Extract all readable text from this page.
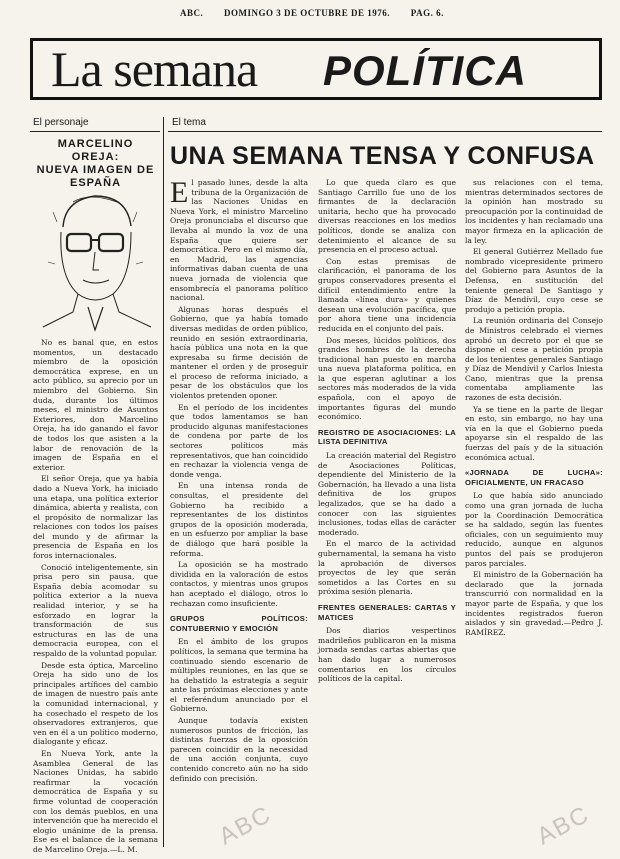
ABC. DOMINGO 3 DE OCTUBRE DE 1976. PAG. 6.
La semana POLÍTICA
El personaje	El tema
MARCELINO OREJA:
NUEVA IMAGEN DE
ESPAÑA

No es banal que, en estos momentos, un destacado miembro de la oposición democrática exprese, en un acto público, su aprecio por un miembro del Gobierno. Sin duda, durante los últimos meses, el ministro de Asuntos Exteriores, don Marcelino Oreja, ha ido ganando el favor de todos los que asisten a la labor de renovación de la imagen de España en el exterior.

El señor Oreja, que ya había dado a Nueva York, ha iniciado una etapa, una política exterior dinámica, abierta y realista, con el propósito de normalizar las relaciones con todos los países del mundo y de afirmar la presencia de España en los foros internacionales.

Conoció inteligentemente, sin prisa pero sin pausa, que España debía acomodar su política exterior a la nueva realidad interior, y se ha esforzado en lograr la transformación de sus estructuras en las de una democracia europea, con el respaldo de la voluntad popular.

Desde esta óptica, Marcelino Oreja ha sido uno de los principales artífices del cambio de imagen de nuestro país ante la comunidad internacional, y ha cosechado el respeto de los observadores extranjeros, que ven en él a un político moderno, dialogante y eficaz.

En Nueva York, ante la Asamblea General de las Naciones Unidas, ha sabido reafirmar la vocación democrática de España y su firme voluntad de cooperación con los demás pueblos, en una intervención que ha merecido el elogio unánime de la prensa. Ese es el balance de la semana de Marcelino Oreja.—L. M.

UNA SEMANA TENSA Y CONFUSA
E l pasado lunes, desde la alta tribuna de la Organización de las Naciones Unidas en Nueva York, el ministro Marcelino Oreja pronunciaba el discurso que llevaba al mundo la voz de una España que quiere ser democrática. Pero en el mismo día, en Madrid, las agencias informativas daban cuenta de una nueva jornada de violencia que ensombrecía el panorama político nacional.

Algunas horas después el Gobierno, que ya había tomado diversas medidas de orden público, reunido en sesión extraordinaria, hacía pública una nota en la que expresaba su firme decisión de mantener el orden y de proseguir el proceso de reforma iniciado, a pesar de los obstáculos que los violentos pretenden oponer.

En el período de los incidentes que todos lamentamos se han producido algunas manifestaciones de condena por parte de los sectores políticos más representativos, que han coincidido en rechazar la violencia venga de donde venga.

En una intensa ronda de consultas, el presidente del Gobierno ha recibido a representantes de los distintos grupos de la oposición moderada, en un esfuerzo por ampliar la base de diálogo que hará posible la reforma.

La oposición se ha mostrado dividida en la valoración de estos contactos, y mientras unos grupos han aceptado el diálogo, otros lo rechazan como insuficiente.

GRUPOS POLÍTICOS: CONTUBERNIO Y EMOCIÓN

En el ámbito de los grupos políticos, la semana que termina ha continuado siendo escenario de múltiples reuniones, en las que se ha debatido la estrategia a seguir ante las próximas elecciones y ante el referéndum anunciado por el Gobierno.

Aunque todavía existen numerosos puntos de fricción, las distintas fuerzas de la oposición parecen coincidir en la necesidad de una acción conjunta, cuyo contenido concreto aún no ha sido definido con precisión.

Lo que queda claro es que Santiago Carrillo fue uno de los firmantes de la declaración unitaria, hecho que ha provocado diversas reacciones en los medios políticos, donde se analiza con detenimiento el alcance de su presencia en el proceso actual.

Con estas premisas de clarificación, el panorama de los grupos conservadores presenta el difícil entendimiento entre la llamada «línea dura» y quienes desean una evolución pacífica, que por ahora tiene una incidencia reducida en el conjunto del país.

Dos meses, lúcidos políticos, dos grandes hombres de la derecha tradicional han puesto en marcha una nueva plataforma política, en la que esperan aglutinar a los sectores más moderados de la vida española, con el apoyo de importantes figuras del mundo económico.

REGISTRO DE ASOCIACIONES: LA LISTA DEFINITIVA

La creación material del Registro de Asociaciones Políticas, dependiente del Ministerio de la Gobernación, ha llevado a una lista definitiva de los grupos legalizados, que se ha dado a conocer con las siguientes inclusiones, todas ellas de carácter moderado.

En el marco de la actividad gubernamental, la semana ha visto la aprobación de diversos proyectos de ley que serán sometidos a las Cortes en su próxima sesión plenaria.

FRENTES GENERALES: CARTAS Y MATICES

Dos diarios vespertinos madrileños publicaron en la misma jornada sendas cartas abiertas que han dado lugar a numerosos comentarios en los círculos políticos de la capital.

sus relaciones con el tema, mientras determinados sectores de la opinión han mostrado su preocupación por la continuidad de los incidentes y han reclamado una mayor firmeza en la aplicación de la ley.

El general Gutiérrez Mellado fue nombrado vicepresidente primero del Gobierno para Asuntos de la Defensa, en sustitución del teniente general De Santiago y Díaz de Mendívil, cuyo cese se produjo a petición propia.

La reunión ordinaria del Consejo de Ministros celebrado el viernes aprobó un decreto por el que se dispone el cese a petición propia de los tenientes generales Santiago y Díaz de Mendívil y Carlos Iniesta Cano, mientras que la prensa comentaba ampliamente las razones de esta decisión.

Ya se tiene en la parte de llegar en esto, sin embargo, no hay una vía en la que el Gobierno pueda apoyarse sin el respaldo de las fuerzas del país y de la situación económica actual.

«JORNADA DE LUCHA»: OFICIALMENTE, UN FRACASO

Lo que había sido anunciado como una gran jornada de lucha por la Coordinación Democrática se ha saldado, según las fuentes oficiales, con un seguimiento muy reducido, aunque en algunos puntos del país se produjeron paros parciales.

El ministro de la Gobernación ha declarado que la jornada transcurrió con normalidad en la mayor parte de España, y que los incidentes registrados fueron aislados y sin gravedad.—Pedro J. RAMÍREZ.

ABC	ABC
